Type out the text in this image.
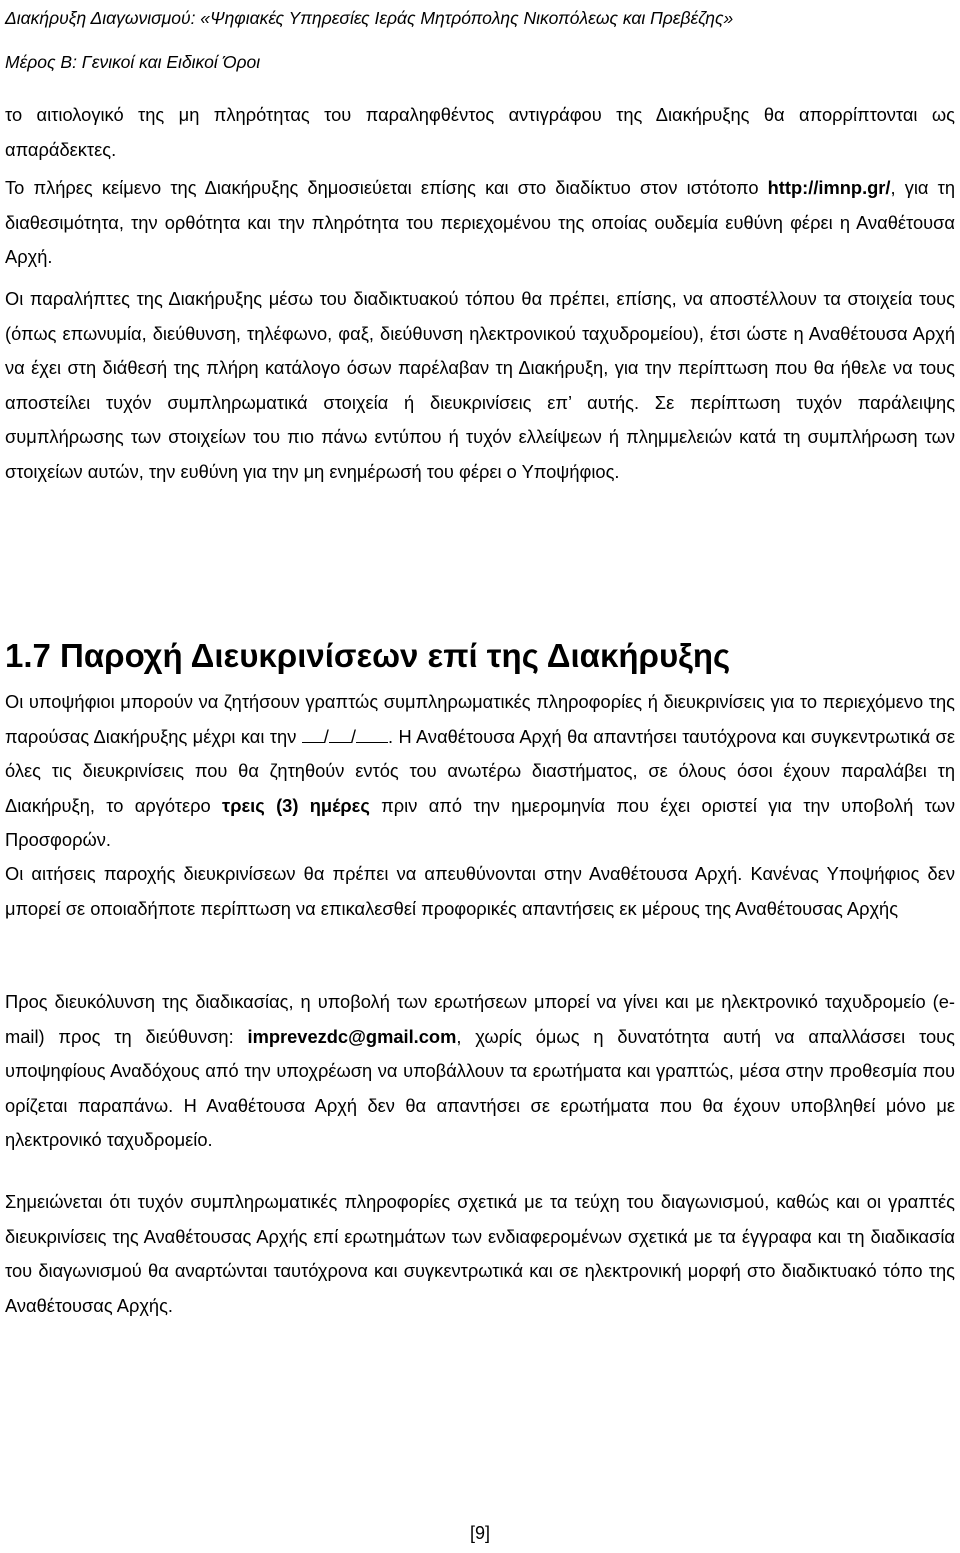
Διακήρυξη Διαγωνισμού: «Ψηφιακές Υπηρεσίες Ιεράς Μητρόπολης Νικοπόλεως και Πρεβέζης»

Μέρος Β: Γενικοί και Ειδικοί Όροι

το αιτιολογικό της μη πληρότητας του παραληφθέντος αντιγράφου της Διακήρυξης θα απορρίπτονται ως απαράδεκτες.

Το πλήρες κείμενο της Διακήρυξης δημοσιεύεται επίσης και στο διαδίκτυο στον ιστότοπο http://imnp.gr/, για τη διαθεσιμότητα, την ορθότητα και την πληρότητα του περιεχομένου της οποίας ουδεμία ευθύνη φέρει η Αναθέτουσα Αρχή.

Οι παραλήπτες της Διακήρυξης μέσω του διαδικτυακού τόπου θα πρέπει, επίσης, να αποστέλλουν τα στοιχεία τους (όπως επωνυμία, διεύθυνση, τηλέφωνο, φαξ, διεύθυνση ηλεκτρονικού ταχυδρομείου), έτσι ώστε η Αναθέτουσα Αρχή να έχει στη διάθεσή της πλήρη κατάλογο όσων παρέλαβαν τη Διακήρυξη, για την περίπτωση που θα ήθελε να τους αποστείλει τυχόν συμπληρωματικά στοιχεία ή διευκρινίσεις επ’ αυτής. Σε περίπτωση τυχόν παράλειψης συμπλήρωσης των στοιχείων του πιο πάνω εντύπου ή τυχόν ελλείψεων ή πλημμελειών κατά τη συμπλήρωση των στοιχείων αυτών, την ευθύνη για την μη ενημέρωσή του φέρει ο Υποψήφιος.

1.7 Παροχή Διευκρινίσεων επί της Διακήρυξης

Οι υποψήφιοι μπορούν να ζητήσουν γραπτώς συμπληρωματικές πληροφορίες ή διευκρινίσεις για το περιεχόμενο της παρούσας Διακήρυξης μέχρι και την / / . Η Αναθέτουσα Αρχή θα απαντήσει ταυτόχρονα και συγκεντρωτικά σε όλες τις διευκρινίσεις που θα ζητηθούν εντός του ανωτέρω διαστήματος, σε όλους όσοι έχουν παραλάβει τη Διακήρυξη, το αργότερο τρεις (3) ημέρες πριν από την ημερομηνία που έχει οριστεί για την υποβολή των Προσφορών.

Οι αιτήσεις παροχής διευκρινίσεων θα πρέπει να απευθύνονται στην Αναθέτουσα Αρχή. Κανένας Υποψήφιος δεν μπορεί σε οποιαδήποτε περίπτωση να επικαλεσθεί προφορικές απαντήσεις εκ μέρους της Αναθέτουσας Αρχής

Προς διευκόλυνση της διαδικασίας, η υποβολή των ερωτήσεων μπορεί να γίνει και με ηλεκτρονικό ταχυδρομείο (e-mail) προς τη διεύθυνση: imprevezdc@gmail.com, χωρίς όμως η δυνατότητα αυτή να απαλλάσσει τους υποψηφίους Αναδόχους από την υποχρέωση να υποβάλλουν τα ερωτήματα και γραπτώς, μέσα στην προθεσμία που ορίζεται παραπάνω. Η Αναθέτουσα Αρχή δεν θα απαντήσει σε ερωτήματα που θα έχουν υποβληθεί μόνο με ηλεκτρονικό ταχυδρομείο.

Σημειώνεται ότι τυχόν συμπληρωματικές πληροφορίες σχετικά με τα τεύχη του διαγωνισμού, καθώς και οι γραπτές διευκρινίσεις της Αναθέτουσας Αρχής επί ερωτημάτων των ενδιαφερομένων σχετικά με τα έγγραφα και τη διαδικασία του διαγωνισμού θα αναρτώνται ταυτόχρονα και συγκεντρωτικά και σε ηλεκτρονική μορφή στο διαδικτυακό τόπο της Αναθέτουσας Αρχής.

[9]
